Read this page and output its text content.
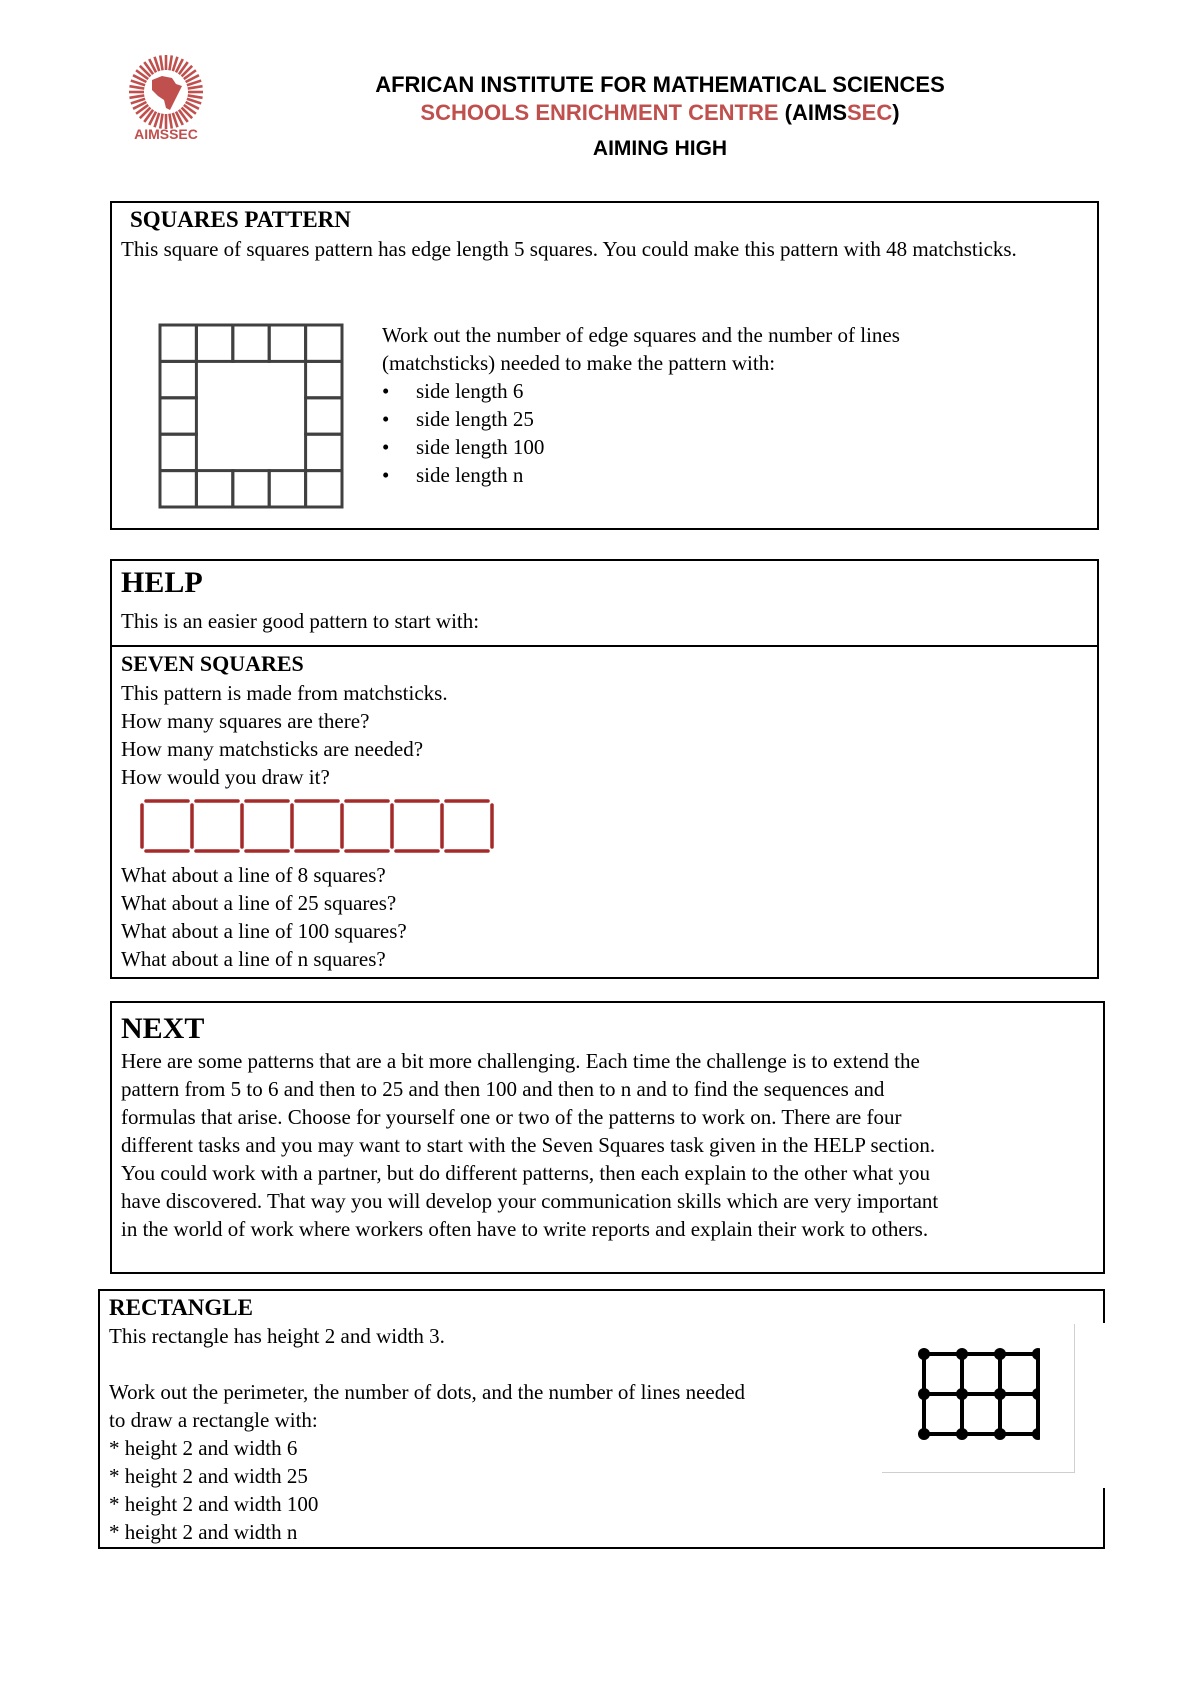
AIMSSEC
AFRICAN INSTITUTE FOR MATHEMATICAL SCIENCES
SCHOOLS ENRICHMENT CENTRE (AIMSSEC)
AIMING HIGH
SQUARES PATTERN
This square of squares pattern has edge length 5 squares. You could make this pattern with 48 matchsticks.
Work out the number of edge squares and the number of lines
(matchsticks) needed to make the pattern with:
• side length 6
• side length 25
• side length 100
• side length n
HELP
This is an easier good pattern to start with:
SEVEN SQUARES
This pattern is made from matchsticks.
How many squares are there?
How many matchsticks are needed?
How would you draw it?
What about a line of 8 squares?
What about a line of 25 squares?
What about a line of 100 squares?
What about a line of n squares?
NEXT
Here are some patterns that are a bit more challenging. Each time the challenge is to extend the
pattern from 5 to 6 and then to 25 and then 100 and then to n and to find the sequences and
formulas that arise. Choose for yourself one or two of the patterns to work on. There are four
different tasks and you may want to start with the Seven Squares task given in the HELP section.
You could work with a partner, but do different patterns, then each explain to the other what you
have discovered. That way you will develop your communication skills which are very important
in the world of work where workers often have to write reports and explain their work to others.
RECTANGLE
This rectangle has height 2 and width 3.

Work out the perimeter, the number of dots, and the number of lines needed
to draw a rectangle with:
* height 2 and width 6
* height 2 and width 25
* height 2 and width 100
* height 2 and width n
